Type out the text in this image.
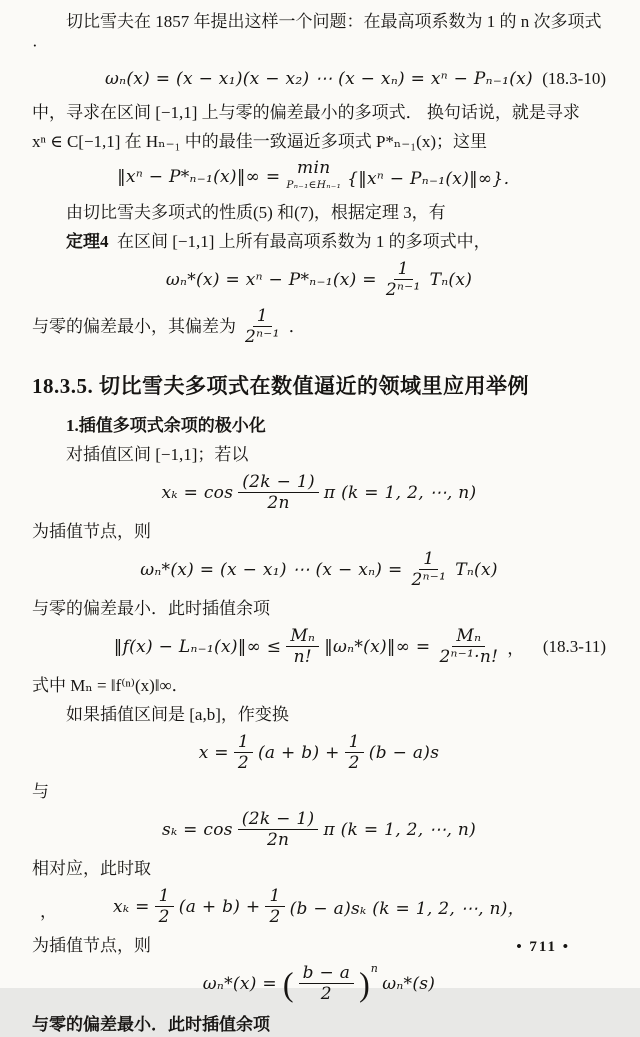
切比雪夫在 1857 年提出这样一个问题：在最高项系数为 1 的 n 次多项式·

ωₙ(x) = (x − x₁)(x − x₂) ⋯ (x − xₙ) = xⁿ − Pₙ₋₁(x) (18.3-10)

中，寻求在区间 [−1,1] 上与零的偏差最小的多项式． 换句话说，就是寻求

xⁿ ∈ C[−1,1] 在 Hₙ₋₁ 中的最佳一致逼近多项式 P*ₙ₋₁(x)；这里

‖xⁿ − P*ₙ₋₁(x)‖∞ = min
Pₙ₋₁∈Hₙ₋₁ {‖xⁿ − Pₙ₋₁(x)‖∞}．

由切比雪夫多项式的性质(5) 和(7)，根据定理 3，有

定理4  在区间 [−1,1] 上所有最高项系数为 1 的多项式中，

$\omega_n*(x) = x^n - P*_{n-1}(x) = \frac{1}{\text{2ⁿ⁻¹}} T_n(x)$

与零的偏差最小，其偏差为 $\frac{1}{\text{2ⁿ⁻¹}}$ ．

18.3.5. 切比雪夫多项式在数值逼近的领域里应用举例

1.插值多项式余项的极小化

对插值区间 [−1,1]；若以

$x_k = \cos \frac{(2k - 1)}{2n}$ π (k = 1, 2, ⋯, n)

为插值节点，则

ωₙ*(x) = (x − x₁) ⋯ $(x - x_n) = \frac{1}{\text{2ⁿ⁻¹}} T_n(x)$

与零的偏差最小．此时插值余项

‖f(x) − Lₙ₋₁(x)‖∞ ≤ $\frac{\text{Mₙ}}{n!}$ ‖ωₙ*(x)‖∞ = $\frac{\text{Mₙ}}{\text{2ⁿ⁻¹·n!}}$ ， (18.3-11)

式中 Mₙ = ‖f⁽ⁿ⁾(x)‖∞．

如果插值区间是 [a,b]，作变换

$x = \frac{1}{2} (a + b) + \frac{1}{2} (b - a)s$

与

$s_k = \cos \frac{(2k - 1)}{2n}$ π (k = 1, 2, ⋯, n)

相对应，此时取

，	$x_k = \frac{1}{2} (a + b) + \frac{1}{2} (b - a)s_k$ (k = 1, 2, ⋯, n)，

为插值节点，则

ωₙ*(x) = ( $\frac{b - a}{2}$ ) n
ωₙ*(s)

与零的偏差最小．此时插值余项

• 711 •
